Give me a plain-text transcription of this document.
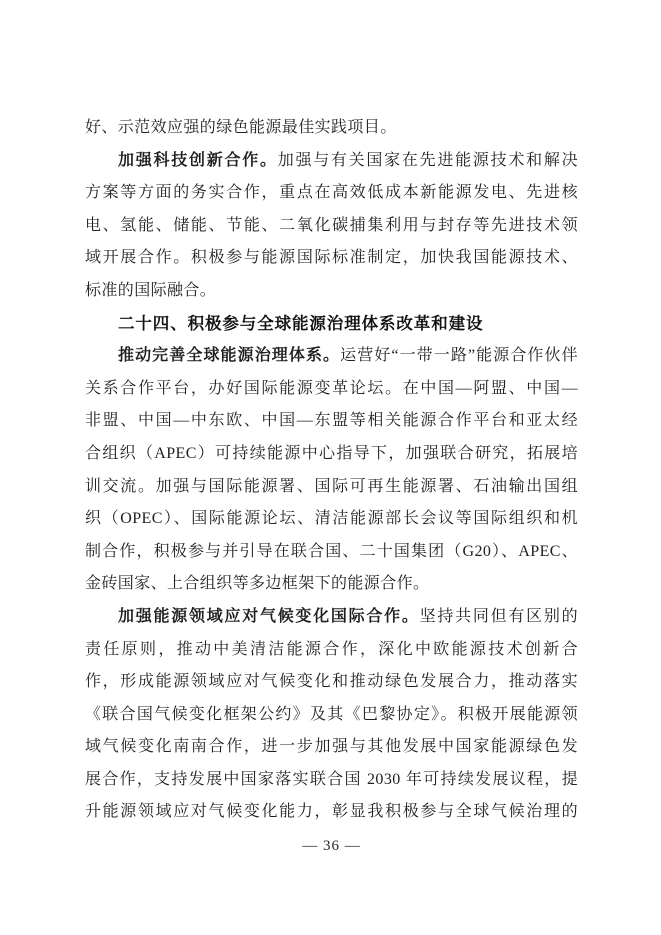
好、示范效应强的绿色能源最佳实践项目。
加强科技创新合作。加强与有关国家在先进能源技术和解决
方案等方面的务实合作，重点在高效低成本新能源发电、先进核
电、氢能、储能、节能、二氧化碳捕集利用与封存等先进技术领
域开展合作。积极参与能源国际标准制定，加快我国能源技术、
标准的国际融合。
二十四、积极参与全球能源治理体系改革和建设
推动完善全球能源治理体系。运营好“一带一路”能源合作伙伴
关系合作平台，办好国际能源变革论坛。在中国—阿盟、中国—
非盟、中国—中东欧、中国—东盟等相关能源合作平台和亚太经
合组织（APEC）可持续能源中心指导下，加强联合研究，拓展培
训交流。加强与国际能源署、国际可再生能源署、石油输出国组
织（OPEC）、国际能源论坛、清洁能源部长会议等国际组织和机
制合作，积极参与并引导在联合国、二十国集团（G20）、APEC、
金砖国家、上合组织等多边框架下的能源合作。
加强能源领域应对气候变化国际合作。坚持共同但有区别的
责任原则，推动中美清洁能源合作，深化中欧能源技术创新合
作，形成能源领域应对气候变化和推动绿色发展合力，推动落实
《联合国气候变化框架公约》及其《巴黎协定》。积极开展能源领
域气候变化南南合作，进一步加强与其他发展中国家能源绿色发
展合作，支持发展中国家落实联合国 2030 年可持续发展议程，提
升能源领域应对气候变化能力，彰显我积极参与全球气候治理的
— 36 —
